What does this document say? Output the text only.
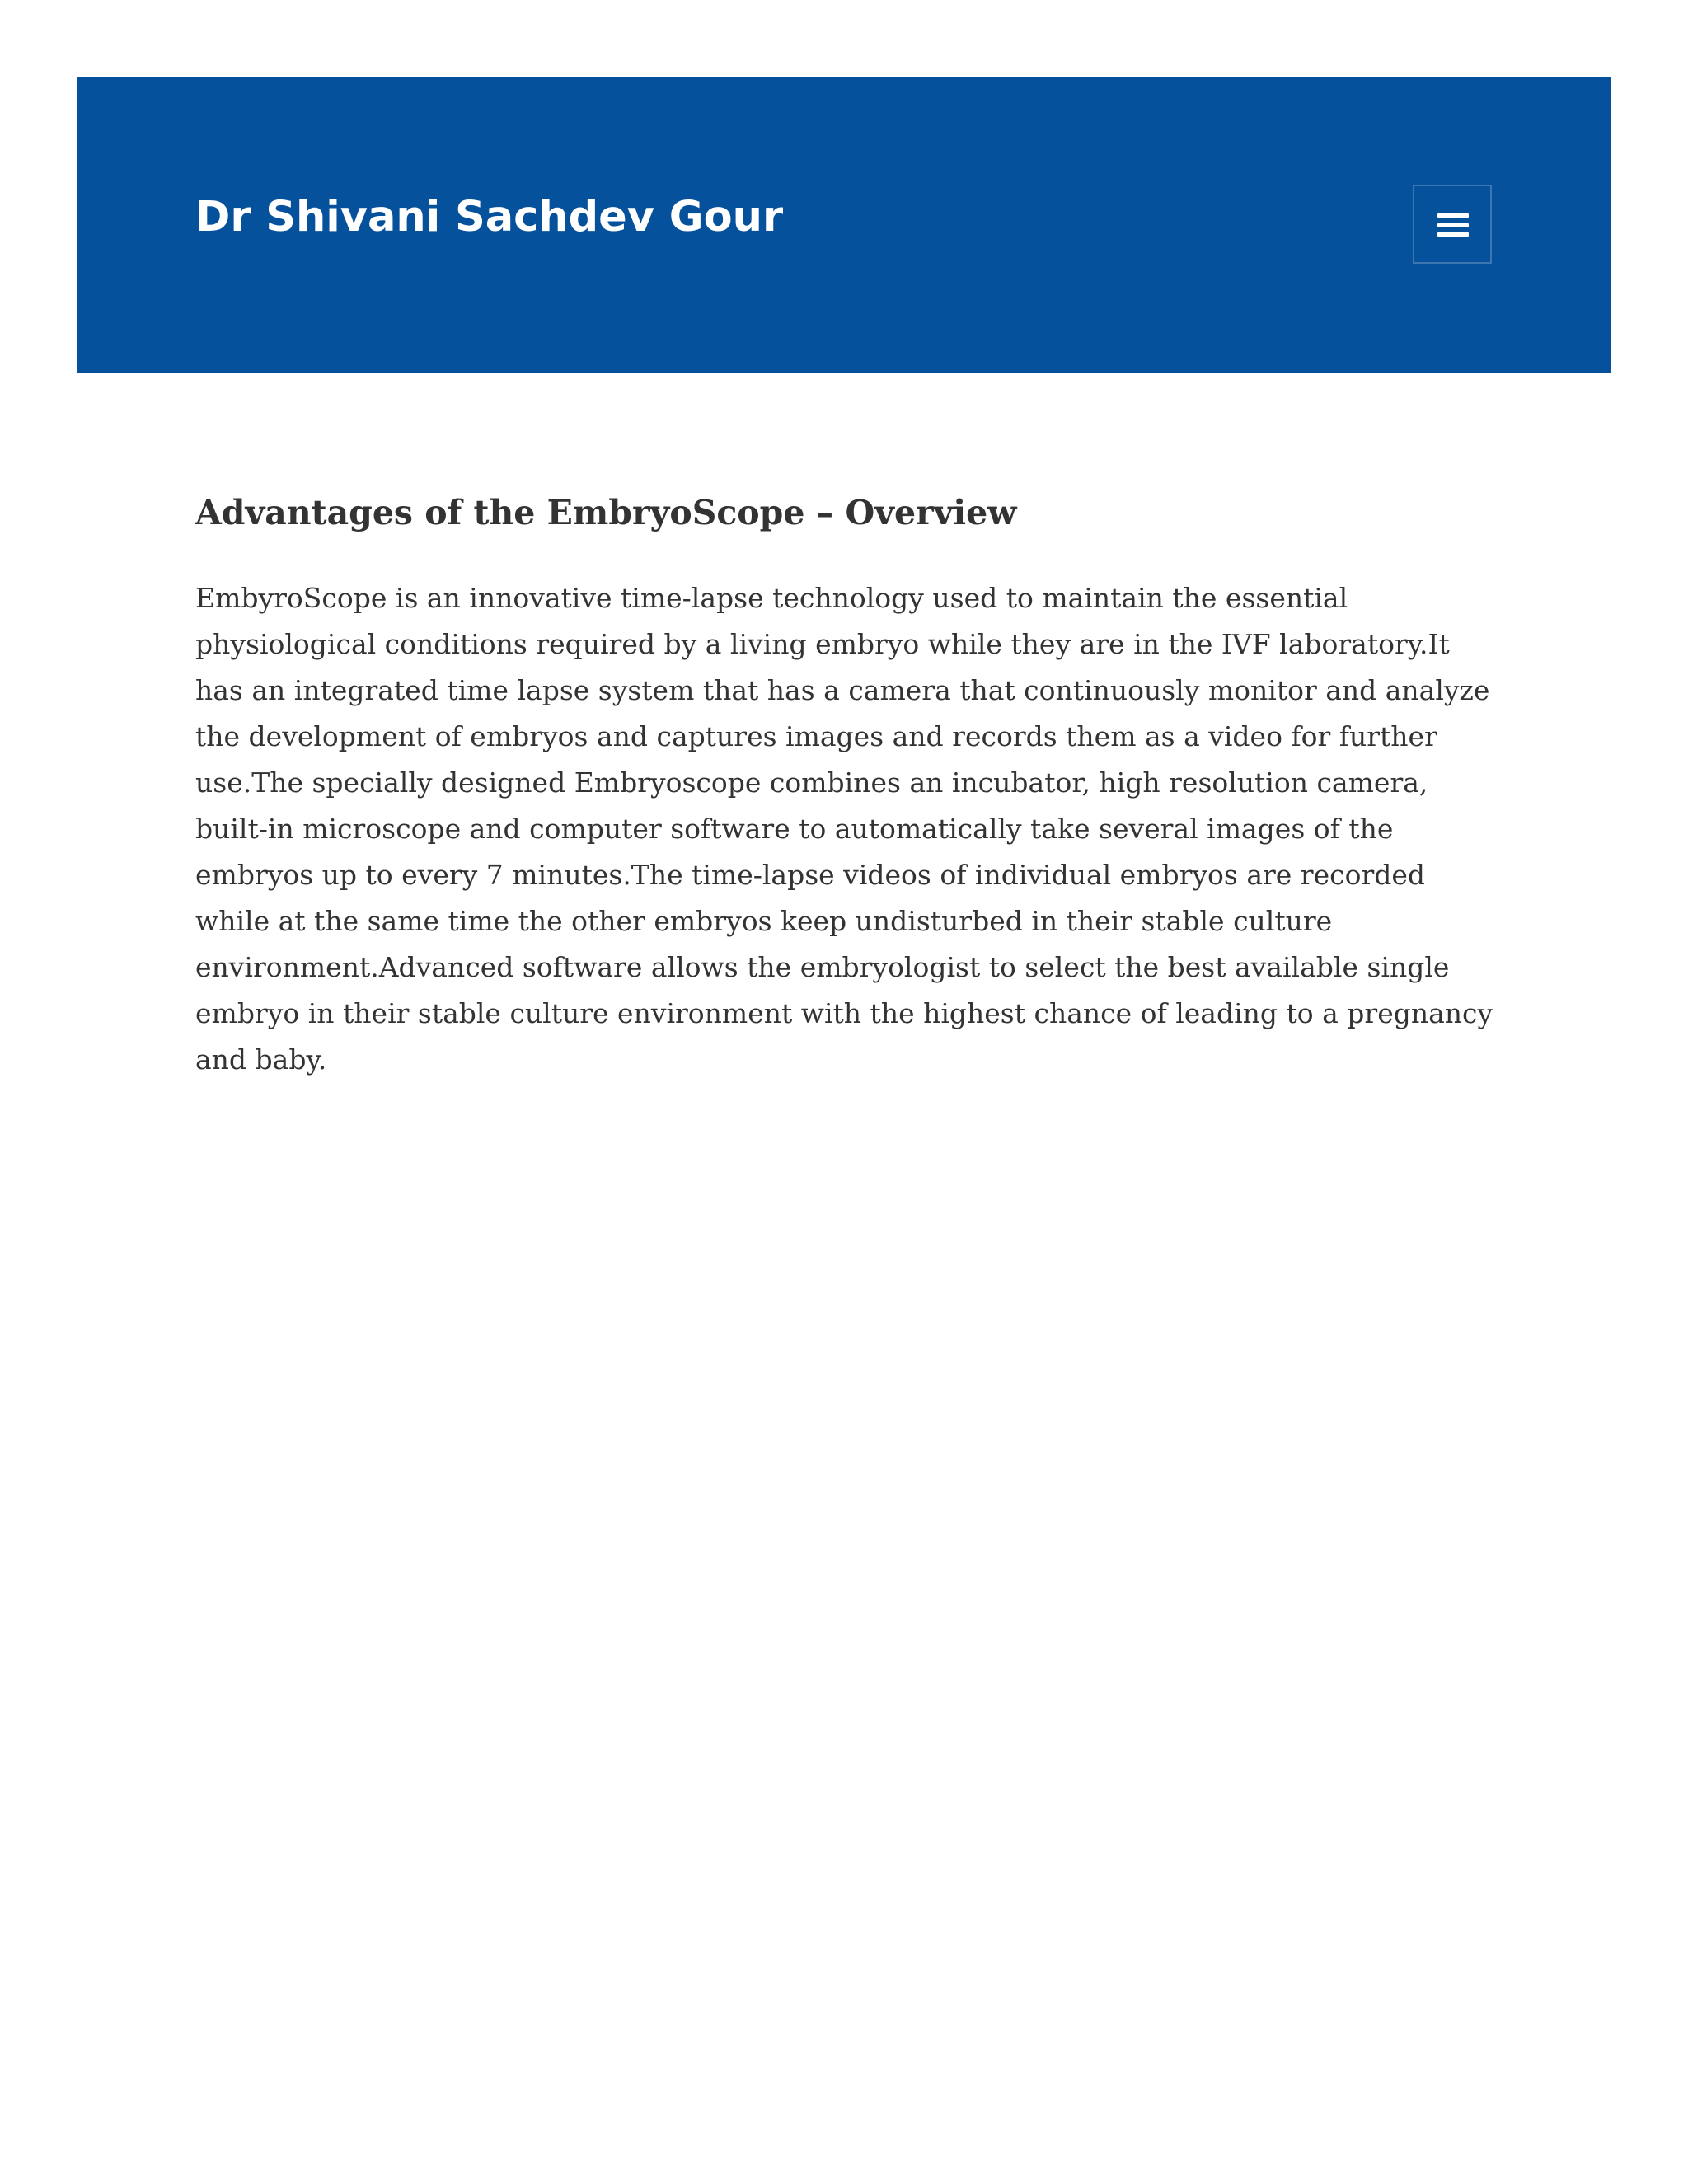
Dr Shivani Sachdev Gour
Advantages of the EmbryoScope – Overview

EmbyroScope is an innovative time-lapse technology used to maintain the essential physiological conditions required by a living embryo while they are in the IVF laboratory.It has an integrated time lapse system that has a camera that continuously monitor and analyze the development of embryos and captures images and records them as a video for further use.The specially designed Embryoscope combines an incubator, high resolution camera, built-in microscope and computer software to automatically take several images of the embryos up to every 7 minutes.The time-lapse videos of individual embryos are recorded while at the same time the other embryos keep undisturbed in their stable culture environment.Advanced software allows the embryologist to select the best available single embryo in their stable culture environment with the highest chance of leading to a pregnancy and baby.
